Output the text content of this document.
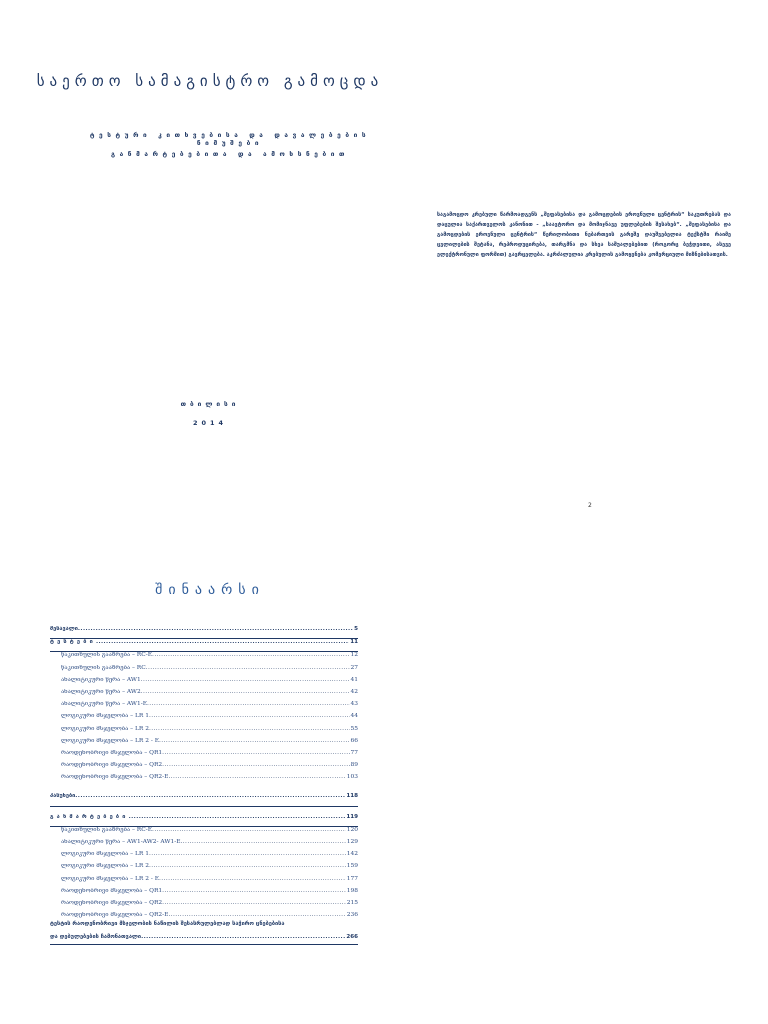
საერთო სამაგისტრო გამოცდა
ტესტური კითხვებისა და დავალებების ნიმუშები
განმარტებებითა და ამოხსნებით
საგამოცდო კრებული წარმოადგენს „შეფასებისა და გამოცდების ეროვნული ცენტრის“ საკუთრებას და დაცულია საქართველოს კანონით - „საავტორო და მომიჯნავე უფლებების შესახებ“. „შეფასებისა და გამოცდების ეროვნული ცენტრის“ წერილობითი ნებართვის გარეშე დაუშვებელია ტექსტში რაიმე ცვლილების შეტანა, რეპროდუცირება, თარგმნა და სხვა საშუალებებით (როგორც ბეჭდვითი, ასევე ელექტრონული ფორმით) გავრცელება. აკრძალულია კრებულის გამოყენება კომერციული მიზნებისათვის.
თბილისი
2014
2
შინაარსი
შესავალი .....	5
ტესტები .....	11
წაკითხულის გააზრება – RC-E .....	12
წაკითხულის გააზრება – RC .....	27
ანალიტიკური წერა – AW1 .....	41
ანალიტიკური წერა – AW2 .....	42
ანალიტიკური წერა – AW1-E .....	43
ლოგიკური მსჯელობა – LR 1 .....	44
ლოგიკური მსჯელობა – LR 2 .....	55
ლოგიკური მსჯელობა – LR 2 - E .....	66
რაოდენობრივი მსჯელობა – QR1 .....	77
რაოდენობრივი მსჯელობა – QR2 .....	89
რაოდენობრივი მსჯელობა – QR2-E .....	103
პასუხები .....	118
განმარტებები .....	119
წაკითხულის გააზრება – RC-E .....	120
ანალიტიკური წერა – AW1-AW2- AW1-E .....	129
ლოგიკური მსჯელობა – LR 1 .....	142
ლოგიკური მსჯელობა – LR 2 .....	159
ლოგიკური მსჯელობა – LR 2 - E .....	177
რაოდენობრივი მსჯელობა – QR1 .....	198
რაოდენობრივი მსჯელობა – QR2 .....	215
რაოდენობრივი მსჯელობა – QR2-E .....	236
ტესტის რაოდენობრივი მსჯელობის ნაწილის შესასრულებლად საჭირო ცნებებისა
და დებულებების ჩამონათვალი .....	266
